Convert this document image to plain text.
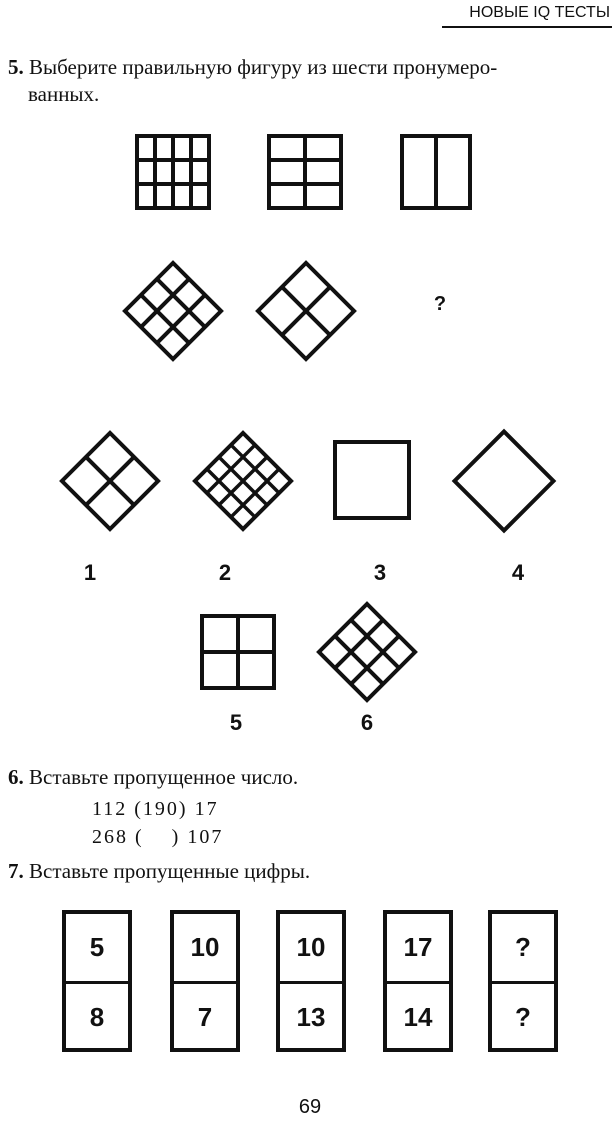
НОВЫЕ IQ ТЕСТЫ
5. Выберите правильную фигуру из шести пронумеро-
ванных.
?
1	2	3	4
5	6
6. Вставьте пропущенное число.
112 (190) 17
268 (    ) 107
7. Вставьте пропущенные цифры.
5
8
10
7
10
13
17
14
?
?
69
